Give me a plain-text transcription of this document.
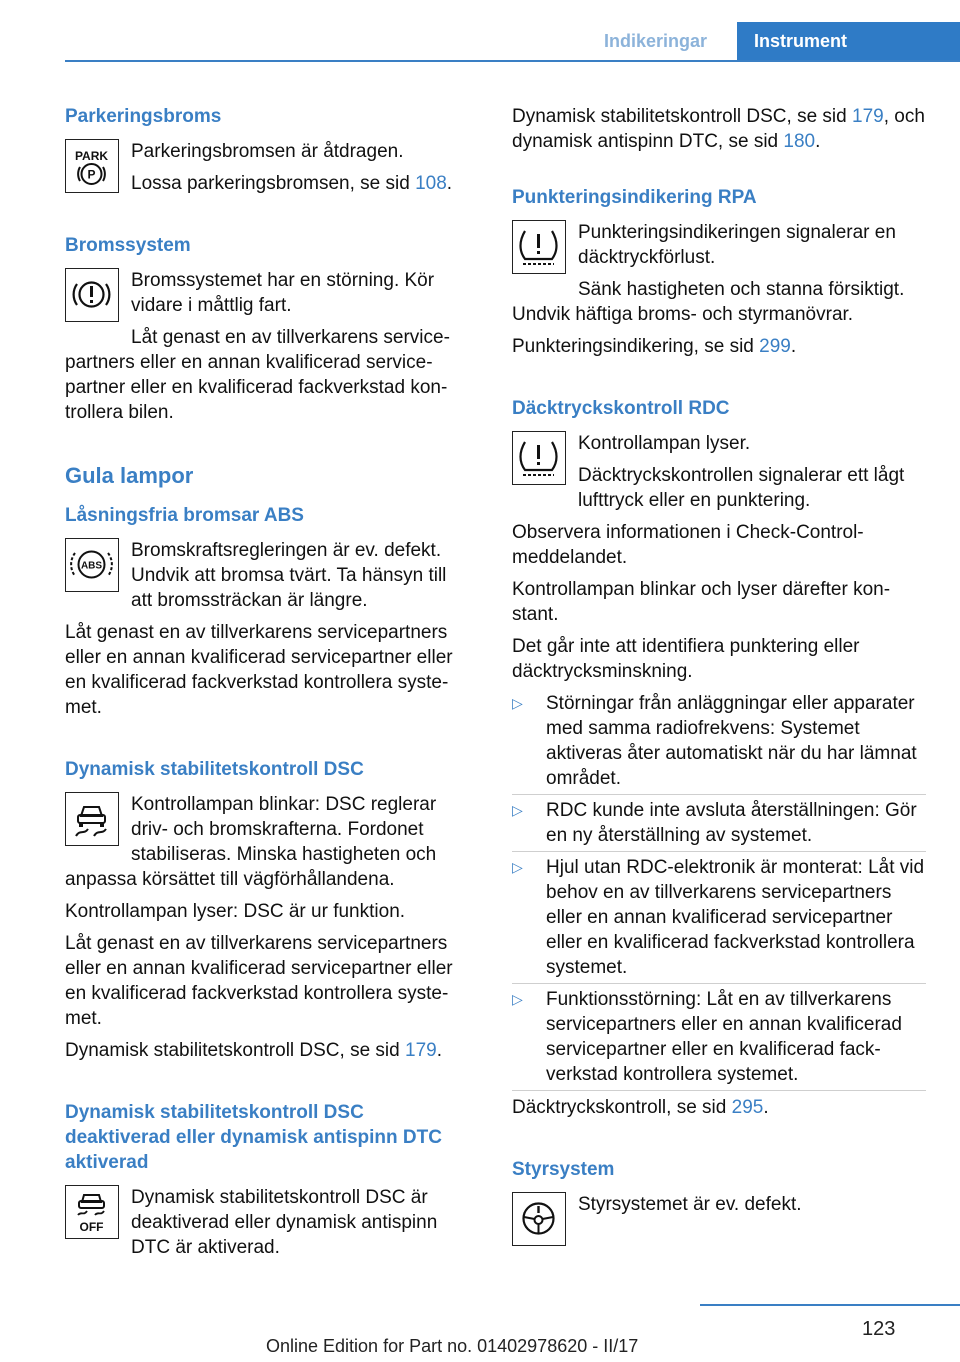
Indikeringar	Instrument
Parkeringsbroms
PARK
P

Parkeringsbromsen är åtdragen.

Lossa parkeringsbromsen, se sid 108.

Bromssystem

Bromssystemet har en störning. Kör vidare i måttlig fart.

Låt genast en av tillverkarens servicepartners eller en annan kvalificerad servicepartner eller en kvalificerad fackverkstad kontrollera bilen.

Gula lampor
Låsningsfria bromsar ABS
ABS

Bromskraftsregleringen är ev. defekt. Undvik att bromsa tvärt. Ta hänsyn till att bromssträckan är längre.

Låt genast en av tillverkarens servicepartners eller en annan kvalificerad servicepartner eller en kvalificerad fackverkstad kontrollera systemet.

Dynamisk stabilitetskontroll DSC

Kontrollampan blinkar: DSC reglerar driv- och bromskrafterna. Fordonet stabiliseras. Minska hastigheten och anpassa körsättet till vägförhållandena.

Kontrollampan lyser: DSC är ur funktion.

Låt genast en av tillverkarens servicepartners eller en annan kvalificerad servicepartner eller en kvalificerad fackverkstad kontrollera systemet.

Dynamisk stabilitetskontroll DSC, se sid 179.

Dynamisk stabilitetskontroll DSC deaktiverad eller dynamisk antispinn DTC aktiverad
OFF

Dynamisk stabilitetskontroll DSC är deaktiverad eller dynamisk antispinn DTC är aktiverad.

Dynamisk stabilitetskontroll DSC, se sid 179, och dynamisk antispinn DTC, se sid 180.

Punkteringsindikering RPA

Punkteringsindikeringen signalerar en däcktryckförlust.

Sänk hastigheten och stanna försiktigt. Undvik häftiga broms- och styrmanövrar.

Punkteringsindikering, se sid 299.

Däcktryckskontroll RDC

Kontrollampan lyser.

Däcktryckskontrollen signalerar ett lågt lufttryck eller en punktering.

Observera informationen i Check-Control-meddelandet.

Kontrollampan blinkar och lyser därefter konstant.

Det går inte att identifiera punktering eller däcktrycksminskning.

▷ Störningar från anläggningar eller apparater med samma radiofrekvens: Systemet aktiveras åter automatiskt när du har lämnat området.
▷ RDC kunde inte avsluta återställningen: Gör en ny återställning av systemet.
▷ Hjul utan RDC-elektronik är monterat: Låt vid behov en av tillverkarens servicepartners eller en annan kvalificerad servicepartner eller en kvalificerad fackverkstad kontrollera systemet.
▷ Funktionsstörning: Låt en av tillverkarens servicepartners eller en annan kvalificerad servicepartner eller en kvalificerad fackverkstad kontrollera systemet.

Däcktryckskontroll, se sid 295.

Styrsystem

Styrsystemet är ev. defekt.

123
Online Edition for Part no. 01402978620 - II/17
